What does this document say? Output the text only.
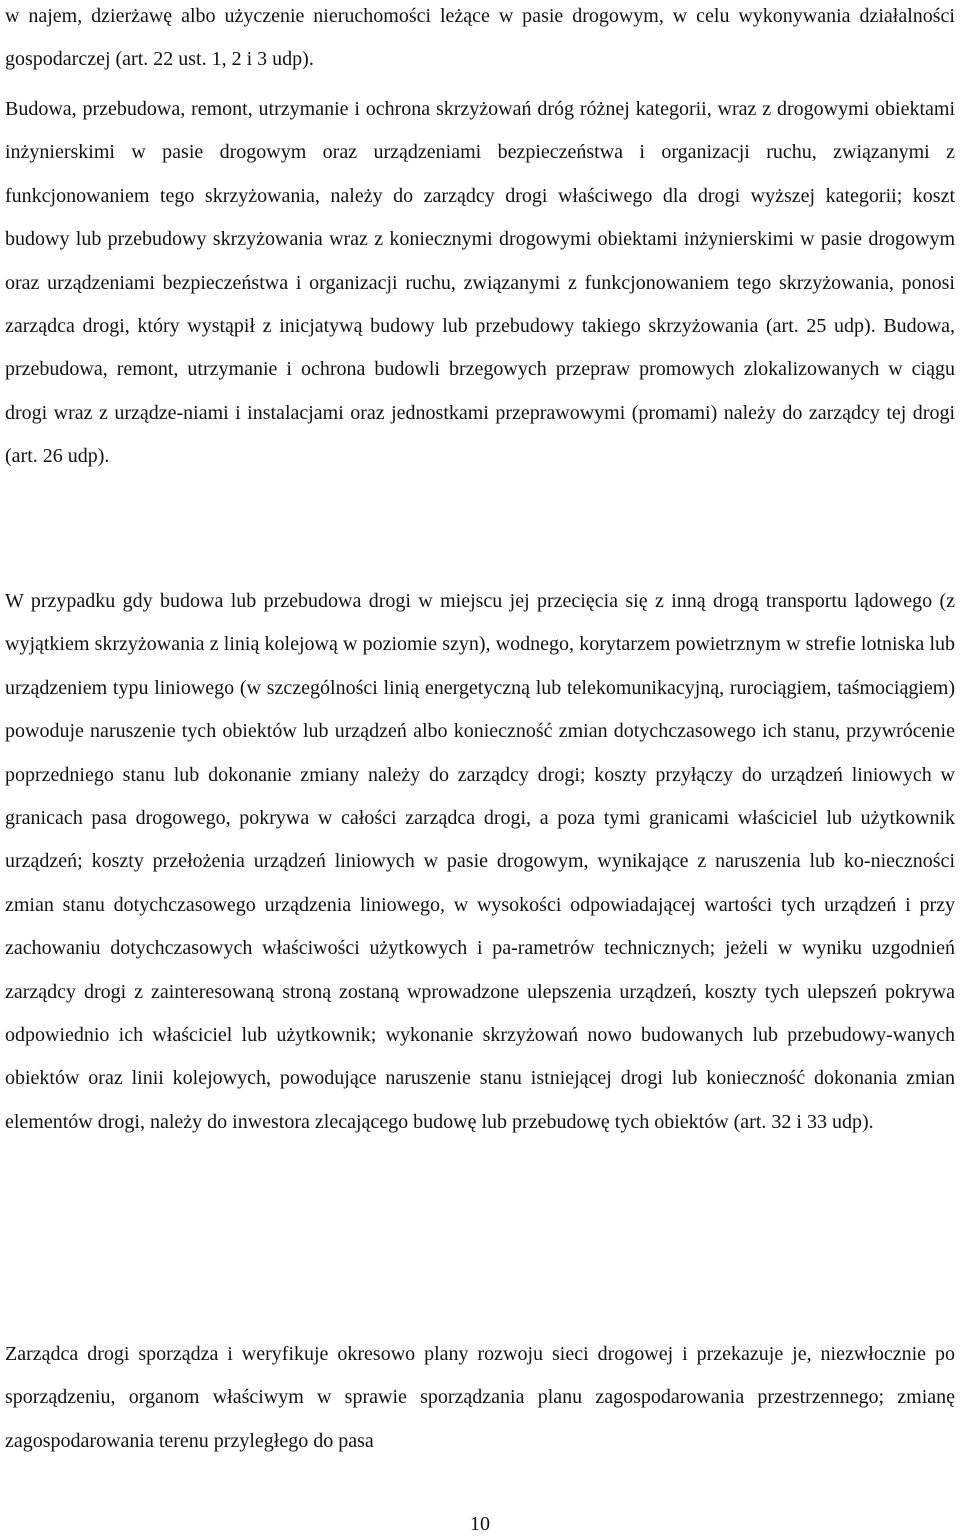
w najem, dzierżawę albo użyczenie nieruchomości leżące w pasie drogowym, w celu wykonywania działalności gospodarczej (art. 22 ust. 1, 2 i 3 udp).

Budowa, przebudowa, remont, utrzymanie i ochrona skrzyżowań dróg różnej kategorii, wraz z drogowymi obiektami inżynierskimi w pasie drogowym oraz urządzeniami bezpieczeństwa i organizacji ruchu, związanymi z funkcjonowaniem tego skrzyżowania, należy do zarządcy drogi właściwego dla drogi wyższej kategorii; koszt budowy lub przebudowy skrzyżowania wraz z koniecznymi drogowymi obiektami inżynierskimi w pasie drogowym oraz urządzeniami bezpieczeństwa i organizacji ruchu, związanymi z funkcjonowaniem tego skrzyżowania, ponosi zarządca drogi, który wystąpił z inicjatywą budowy lub przebudowy takiego skrzyżowania (art. 25 udp). Budowa, przebudowa, remont, utrzymanie i ochrona budowli brzegowych przepraw promowych zlokalizowanych w ciągu drogi wraz z urządze-niami i instalacjami oraz jednostkami przeprawowymi (promami) należy do zarządcy tej drogi (art. 26 udp).

W przypadku gdy budowa lub przebudowa drogi w miejscu jej przecięcia się z inną drogą transportu lądowego (z wyjątkiem skrzyżowania z linią kolejową w poziomie szyn), wodnego, korytarzem powietrznym w strefie lotniska lub urządzeniem typu liniowego (w szczególności linią energetyczną lub telekomunikacyjną, rurociągiem, taśmociągiem) powoduje naruszenie tych obiektów lub urządzeń albo konieczność zmian dotychczasowego ich stanu, przywrócenie poprzedniego stanu lub dokonanie zmiany należy do zarządcy drogi; koszty przyłączy do urządzeń liniowych w granicach pasa drogowego, pokrywa w całości zarządca drogi, a poza tymi granicami właściciel lub użytkownik urządzeń; koszty przełożenia urządzeń liniowych w pasie drogowym, wynikające z naruszenia lub ko-nieczności zmian stanu dotychczasowego urządzenia liniowego, w wysokości odpowiadającej wartości tych urządzeń i przy zachowaniu dotychczasowych właściwości użytkowych i pa-rametrów technicznych; jeżeli w wyniku uzgodnień zarządcy drogi z zainteresowaną stroną zostaną wprowadzone ulepszenia urządzeń, koszty tych ulepszeń pokrywa odpowiednio ich właściciel lub użytkownik; wykonanie skrzyżowań nowo budowanych lub przebudowy-wanych obiektów oraz linii kolejowych, powodujące naruszenie stanu istniejącej drogi lub konieczność dokonania zmian elementów drogi, należy do inwestora zlecającego budowę lub przebudowę tych obiektów (art. 32 i 33 udp).

Zarządca drogi sporządza i weryfikuje okresowo plany rozwoju sieci drogowej i przekazuje je, niezwłocznie po sporządzeniu, organom właściwym w sprawie sporządzania planu zagospodarowania przestrzennego; zmianę zagospodarowania terenu przyległego do pasa

10
